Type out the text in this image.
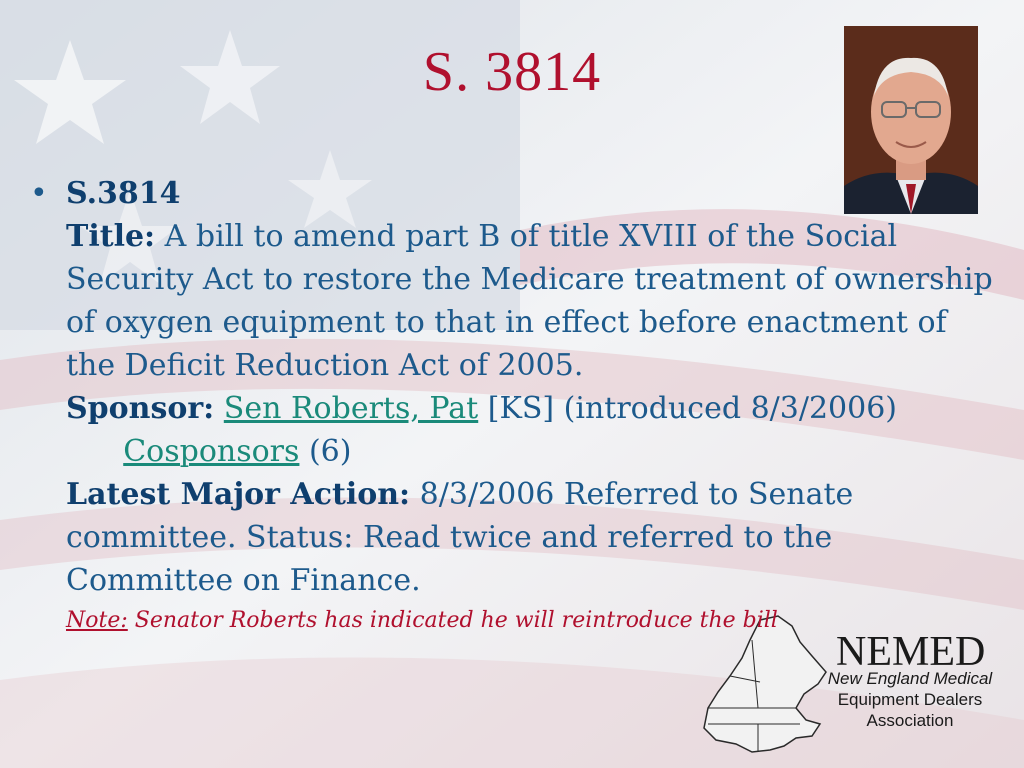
S. 3814
• S.3814
Title: A bill to amend part B of title XVIII of the Social Security Act to restore the Medicare treatment of ownership of oxygen equipment to that in effect before enactment of the Deficit Reduction Act of 2005.
Sponsor: Sen Roberts, Pat [KS] (introduced 8/3/2006)       Cosponsors (6)
Latest Major Action: 8/3/2006 Referred to Senate committee. Status: Read twice and referred to the Committee on Finance.
Note: Senator Roberts has indicated he will reintroduce the bill
NEMED
New England Medical
Equipment Dealers
Association
